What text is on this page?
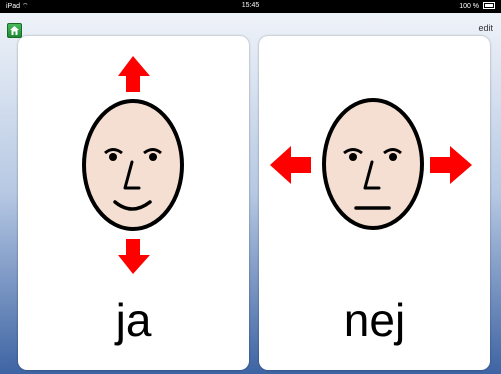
iPad ⌔	15:45	100 %
edit
ja	nej
